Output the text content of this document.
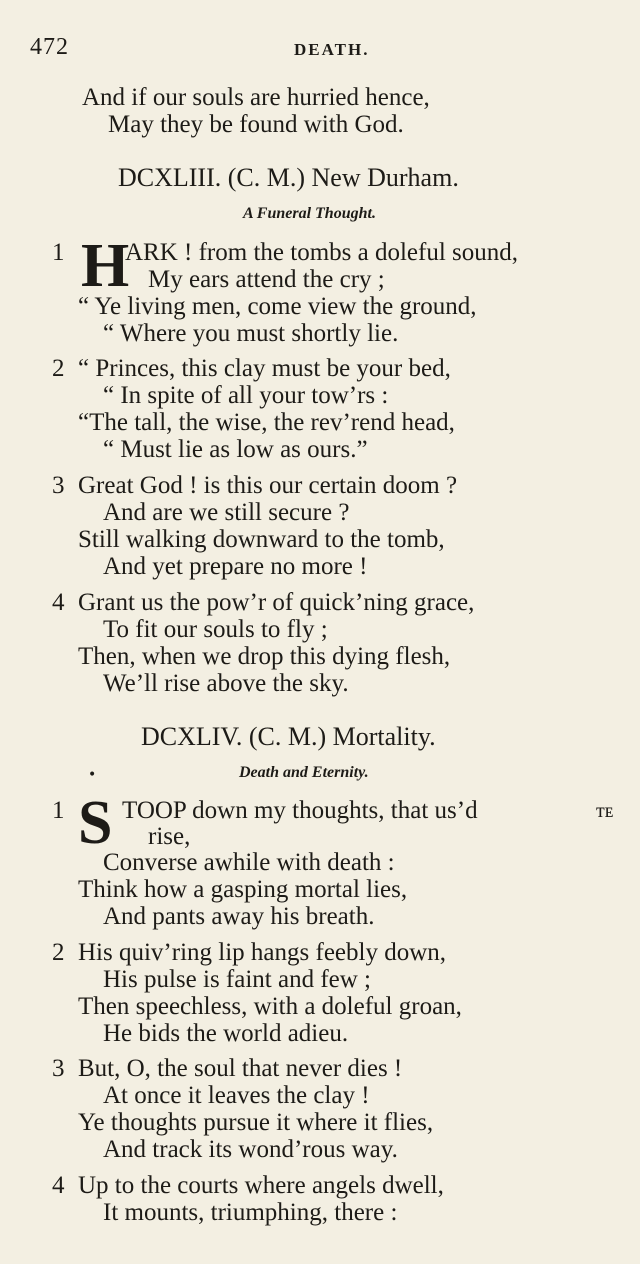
472	DEATH.
And if our souls are hurried hence,
May they be found with God.
DCXLIII. (C. M.) New Durham.
A Funeral Thought.
1 H
ARK ! from the tombs a doleful sound,
My ears attend the cry ;
“ Ye living men, come view the ground,
“ Where you must shortly lie.
2 “ Princes, this clay must be your bed,
“ In spite of all your tow’rs :
“The tall, the wise, the rev’rend head,
“ Must lie as low as ours.”
3 Great God ! is this our certain doom ?
And are we still secure ?
Still walking downward to the tomb,
And yet prepare no more !
4 Grant us the pow’r of quick’ning grace,
To fit our souls to fly ;
Then, when we drop this dying flesh,
We’ll rise above the sky.
DCXLIV. (C. M.) Mortality.
•	Death and Eternity.
1 S TOOP down my thoughts, that us’d	ᴛᴇ
rise,
Converse awhile with death :
Think how a gasping mortal lies,
And pants away his breath.
2 His quiv’ring lip hangs feebly down,
His pulse is faint and few ;
Then speechless, with a doleful groan,
He bids the world adieu.
3 But, O, the soul that never dies !
At once it leaves the clay !
Ye thoughts pursue it where it flies,
And track its wond’rous way.
4 Up to the courts where angels dwell,
It mounts, triumphing, there :
